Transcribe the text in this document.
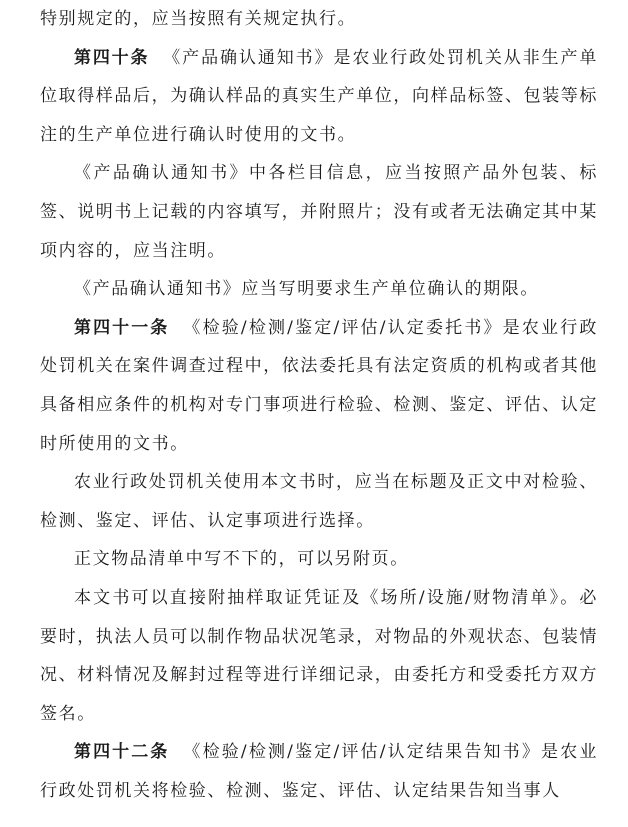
特别规定的，应当按照有关规定执行。

第四十条 《产品确认通知书》是农业行政处罚机关从非生产单位取得样品后，为确认样品的真实生产单位，向样品标签、包装等标注的生产单位进行确认时使用的文书。

《产品确认通知书》中各栏目信息，应当按照产品外包装、标签、说明书上记载的内容填写，并附照片；没有或者无法确定其中某项内容的，应当注明。

《产品确认通知书》应当写明要求生产单位确认的期限。

第四十一条 《检验/检测/鉴定/评估/认定委托书》是农业行政处罚机关在案件调查过程中，依法委托具有法定资质的机构或者其他具备相应条件的机构对专门事项进行检验、检测、鉴定、评估、认定时所使用的文书。

农业行政处罚机关使用本文书时，应当在标题及正文中对检验、检测、鉴定、评估、认定事项进行选择。

正文物品清单中写不下的，可以另附页。

本文书可以直接附抽样取证凭证及《场所/设施/财物清单》。必要时，执法人员可以制作物品状况笔录，对物品的外观状态、包装情况、材料情况及解封过程等进行详细记录，由委托方和受委托方双方签名。

第四十二条 《检验/检测/鉴定/评估/认定结果告知书》是农业行政处罚机关将检验、检测、鉴定、评估、认定结果告知当事人
